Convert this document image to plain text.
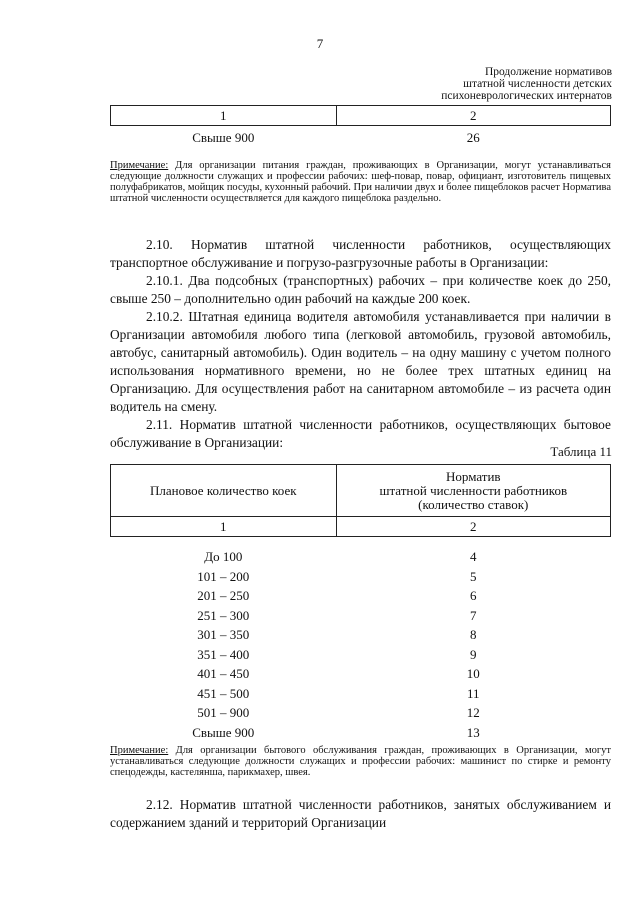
7
Продолжение нормативов
штатной численности детских
психоневрологических интернатов
1	2
Свыше 900	26
Примечание: Для организации питания граждан, проживающих в Организации, могут устанавливаться следующие должности служащих и профессии рабочих: шеф-повар, повар, официант, изготовитель пищевых полуфабрикатов, мойщик посуды, кухонный рабочий. При наличии двух и более пищеблоков расчет Норматива штатной численности осуществляется для каждого пищеблока раздельно.
2.10. Норматив штатной численности работников, осуществляющих транспортное обслуживание и погрузо-разгрузочные работы в Организации:
2.10.1. Два подсобных (транспортных) рабочих – при количестве коек до 250, свыше 250 – дополнительно один рабочий на каждые 200 коек.
2.10.2. Штатная единица водителя автомобиля устанавливается при наличии в Организации автомобиля любого типа (легковой автомобиль, грузовой автомобиль, автобус, санитарный автомобиль). Один водитель – на одну машину с учетом полного использования нормативного времени, но не более трех штатных единиц на Организацию. Для осуществления работ на санитарном автомобиле – из расчета один водитель на смену.
2.11. Норматив штатной численности работников, осуществляющих бытовое обслуживание в Организации:
Таблица 11
Плановое количество коек	Норматив
штатной численности работников
(количество ставок)

1	2

До 100	4
101 – 200	5
201 – 250	6
251 – 300	7
301 – 350	8
351 – 400	9
401 – 450	10
451 – 500	11
501 – 900	12
Свыше 900	13
Примечание: Для организации бытового обслуживания граждан, проживающих в Организации, могут устанавливаться следующие должности служащих и профессии рабочих: машинист по стирке и ремонту спецодежды, кастелянша, парикмахер, швея.
2.12. Норматив штатной численности работников, занятых обслуживанием и содержанием зданий и территорий Организации
